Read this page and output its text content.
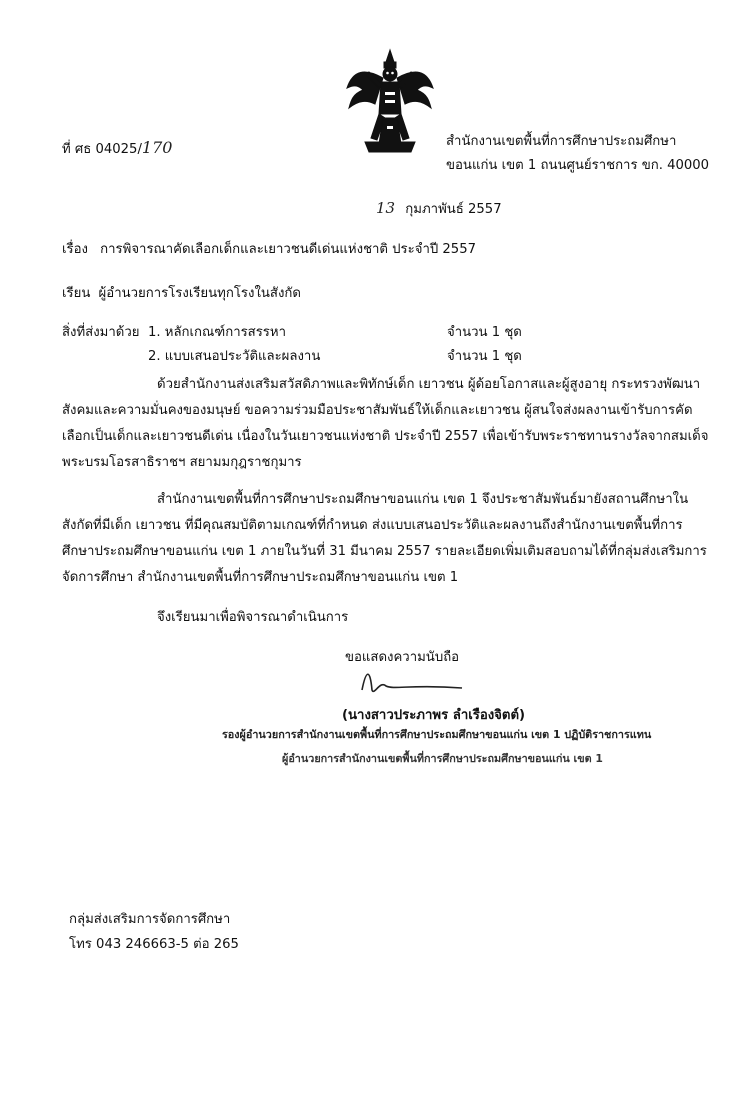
ที่ ศธ 04025/170	สำนักงานเขตพื้นที่การศึกษาประถมศึกษา
ขอนแก่น เขต 1 ถนนศูนย์ราชการ ขก. 40000
13 กุมภาพันธ์ 2557
เรื่อง การพิจารณาคัดเลือกเด็กและเยาวชนดีเด่นแห่งชาติ ประจำปี 2557
เรียน ผู้อำนวยการโรงเรียนทุกโรงในสังกัด
สิ่งที่ส่งมาด้วย 1. หลักเกณฑ์การสรรหา	จำนวน 1 ชุด
2. แบบเสนอประวัติและผลงาน	จำนวน 1 ชุด
ด้วยสำนักงานส่งเสริมสวัสดิภาพและพิทักษ์เด็ก เยาวชน ผู้ด้อยโอกาสและผู้สูงอายุ กระทรวงพัฒนาสังคมและความมั่นคงของมนุษย์ ขอความร่วมมือประชาสัมพันธ์ให้เด็กและเยาวชน ผู้สนใจส่งผลงานเข้ารับการคัดเลือกเป็นเด็กและเยาวชนดีเด่น เนื่องในวันเยาวชนแห่งชาติ ประจำปี 2557 เพื่อเข้ารับพระราชทานรางวัลจากสมเด็จพระบรมโอรสาธิราชฯ สยามมกุฎราชกุมาร
สำนักงานเขตพื้นที่การศึกษาประถมศึกษาขอนแก่น เขต 1 จึงประชาสัมพันธ์มายังสถานศึกษาในสังกัดที่มีเด็ก เยาวชน ที่มีคุณสมบัติตามเกณฑ์ที่กำหนด ส่งแบบเสนอประวัติและผลงานถึงสำนักงานเขตพื้นที่การศึกษาประถมศึกษาขอนแก่น เขต 1 ภายในวันที่ 31 มีนาคม 2557 รายละเอียดเพิ่มเติมสอบถามได้ที่กลุ่มส่งเสริมการจัดการศึกษา สำนักงานเขตพื้นที่การศึกษาประถมศึกษาขอนแก่น เขต 1
จึงเรียนมาเพื่อพิจารณาดำเนินการ
ขอแสดงความนับถือ
(นางสาวประภาพร ลำเรืองจิตต์)
รองผู้อำนวยการสำนักงานเขตพื้นที่การศึกษาประถมศึกษาขอนแก่น เขต 1 ปฏิบัติราชการแทน
ผู้อำนวยการสำนักงานเขตพื้นที่การศึกษาประถมศึกษาขอนแก่น เขต 1
กลุ่มส่งเสริมการจัดการศึกษา
โทร 043 246663-5 ต่อ 265
